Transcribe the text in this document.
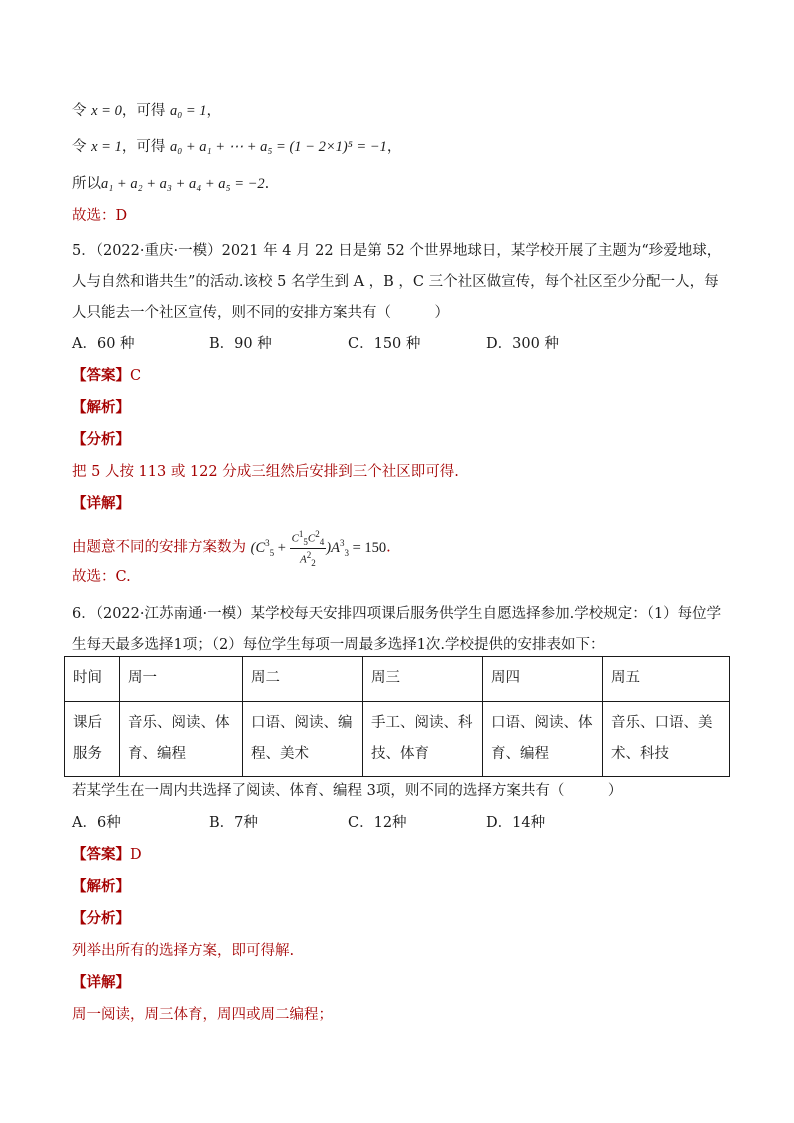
令 x = 0，可得 a₀ = 1，
令 x = 1，可得 a₀ + a₁ + ⋯ + a₅ = (1 − 2×1)⁵ = −1，
所以a₁ + a₂ + a₃ + a₄ + a₅ = −2.
故选：D
5．（2022·重庆·一模）2021 年 4 月 22 日是第 52 个世界地球日，某学校开展了主题为“珍爱地球，人与自然和谐共生”的活动.该校 5 名学生到 A ，B ，C 三个社区做宣传，每个社区至少分配一人，每人只能去一个社区宣传，则不同的安排方案共有（　　　）
A．60 种	B．90 种	C．150 种	D．300 种
【答案】C
【解析】
【分析】
把 5 人按 113 或 122 分成三组然后安排到三个社区即可得.
【详解】
由题意不同的安排方案数为 $(C^3_5 + \frac{C^1_5C^2_4}{A^2_2} )A^3_3 = 150$.
故选：C.
6．（2022·江苏南通·一模）某学校每天安排四项课后服务供学生自愿选择参加.学校规定：（1）每位学生每天最多选择1项；（2）每位学生每项一周最多选择1次.学校提供的安排表如下：
时间	周一	周二	周三	周四	周五
课后服务	音乐、阅读、体育、编程	口语、阅读、编程、美术	手工、阅读、科技、体育	口语、阅读、体育、编程	音乐、口语、美术、科技
若某学生在一周内共选择了阅读、体育、编程 3项，则不同的选择方案共有（　　　）
A．6种	B．7种	C．12种	D．14种
【答案】D
【解析】
【分析】
列举出所有的选择方案，即可得解.
【详解】
周一阅读，周三体育，周四或周二编程；
